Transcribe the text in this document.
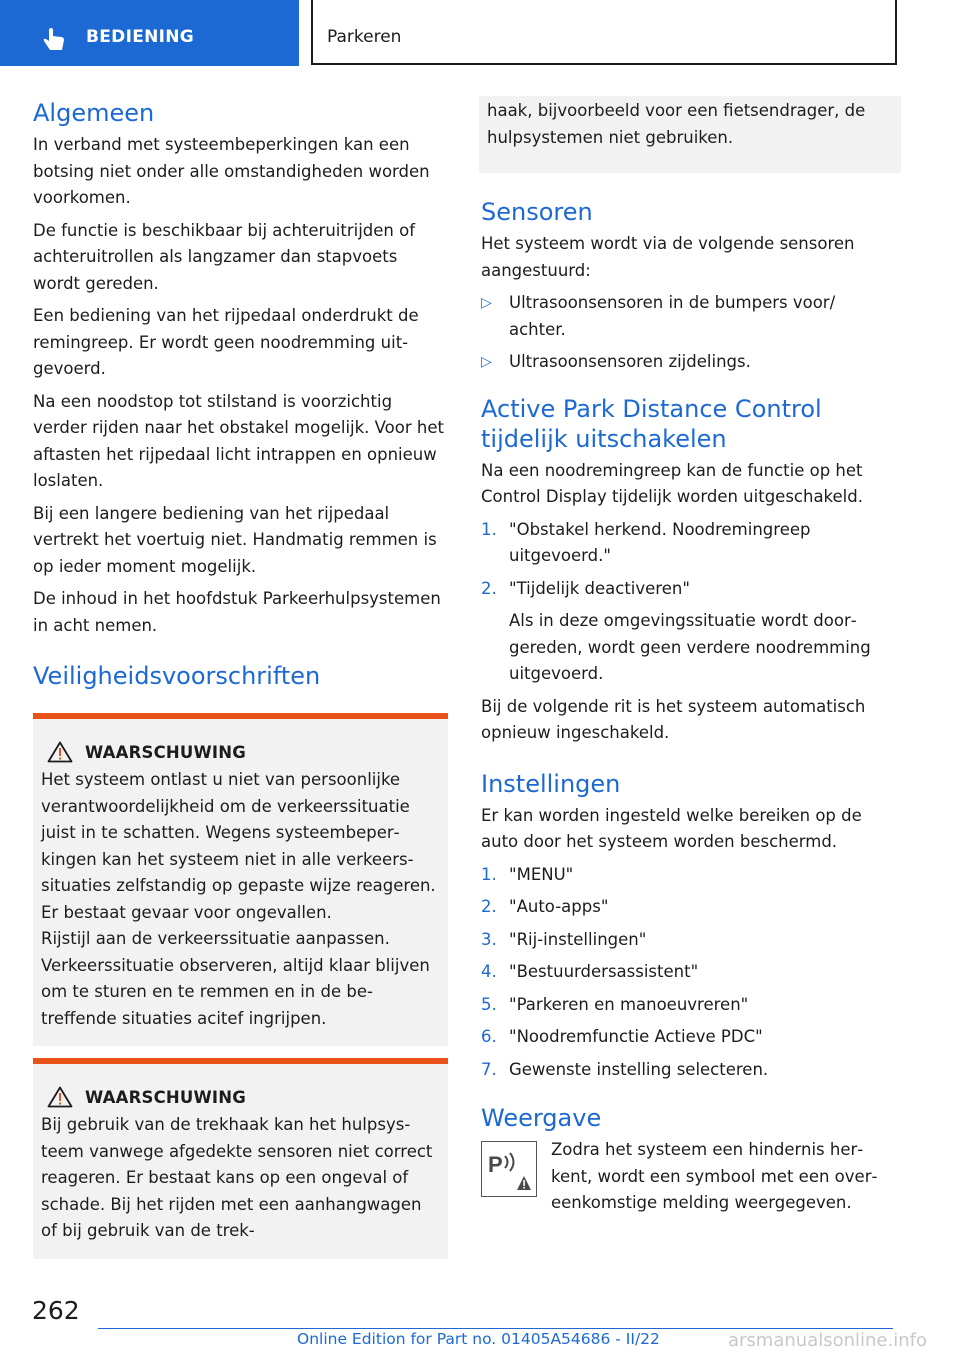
BEDIENING	Parkeren
Algemeen

In verband met systeembeperkingen kan een botsing niet onder alle omstandigheden worden voorkomen.

De functie is beschikbaar bij achteruitrijden of achteruitrollen als langzamer dan stapvoets wordt gereden.

Een bediening van het rijpedaal onderdrukt de remingreep. Er wordt geen noodremming uitgevoerd.

Na een noodstop tot stilstand is voorzichtig verder rijden naar het obstakel mogelijk. Voor het aftasten het rijpedaal licht intrappen en opnieuw loslaten.

Bij een langere bediening van het rijpedaal vertrekt het voertuig niet. Handmatig remmen is op ieder moment mogelijk.

De inhoud in het hoofdstuk Parkeerhulpsystemen in acht nemen.

Veiligheidsvoorschriften
WAARSCHUWING

Het systeem ontlast u niet van persoonlijke verantwoordelijkheid om de verkeerssituatie juist in te schatten. Wegens systeembeperkingen kan het systeem niet in alle verkeerssituaties zelfstandig op gepaste wijze reageren. Er bestaat gevaar voor ongevallen.

Rijstijl aan de verkeerssituatie aanpassen. Verkeerssituatie observeren, altijd klaar blijven om te sturen en te remmen en in de betreffende situaties acitef ingrijpen.

WAARSCHUWING

Bij gebruik van de trekhaak kan het hulpsysteem vanwege afgedekte sensoren niet correct reageren. Er bestaat kans op een ongeval of schade. Bij het rijden met een aanhangwagen of bij gebruik van de trek-

haak, bijvoorbeeld voor een fietsendrager, de hulpsystemen niet gebruiken.

Sensoren

Het systeem wordt via de volgende sensoren aangestuurd:

▷	Ultrasoonsensoren in de bumpers voor/ achter.
▷	Ultrasoonsensoren zijdelings.
Active Park Distance Control tijdelijk uitschakelen

Na een noodremingreep kan de functie op het Control Display tijdelijk worden uitgeschakeld.

1. "Obstakel herkend. Noodremingreep uitgevoerd."
2. "Tijdelijk deactiveren"

Als in deze omgevingssituatie wordt doorgereden, wordt geen verdere noodremming uitgevoerd.

Bij de volgende rit is het systeem automatisch opnieuw ingeschakeld.

Instellingen

Er kan worden ingesteld welke bereiken op de auto door het systeem worden beschermd.

1. "MENU"
2. "Auto-apps"
3. "Rij-instellingen"
4. "Bestuurdersassistent"
5. "Parkeren en manoeuvreren"
6. "Noodremfunctie Actieve PDC"
7. Gewenste instelling selecteren.
Weergave
P

Zodra het systeem een hindernis herkent, wordt een symbool met een overeenkomstige melding weergegeven.

262
Online Edition for Part no. 01405A54686 - II/22	arsmanualsonline.info
